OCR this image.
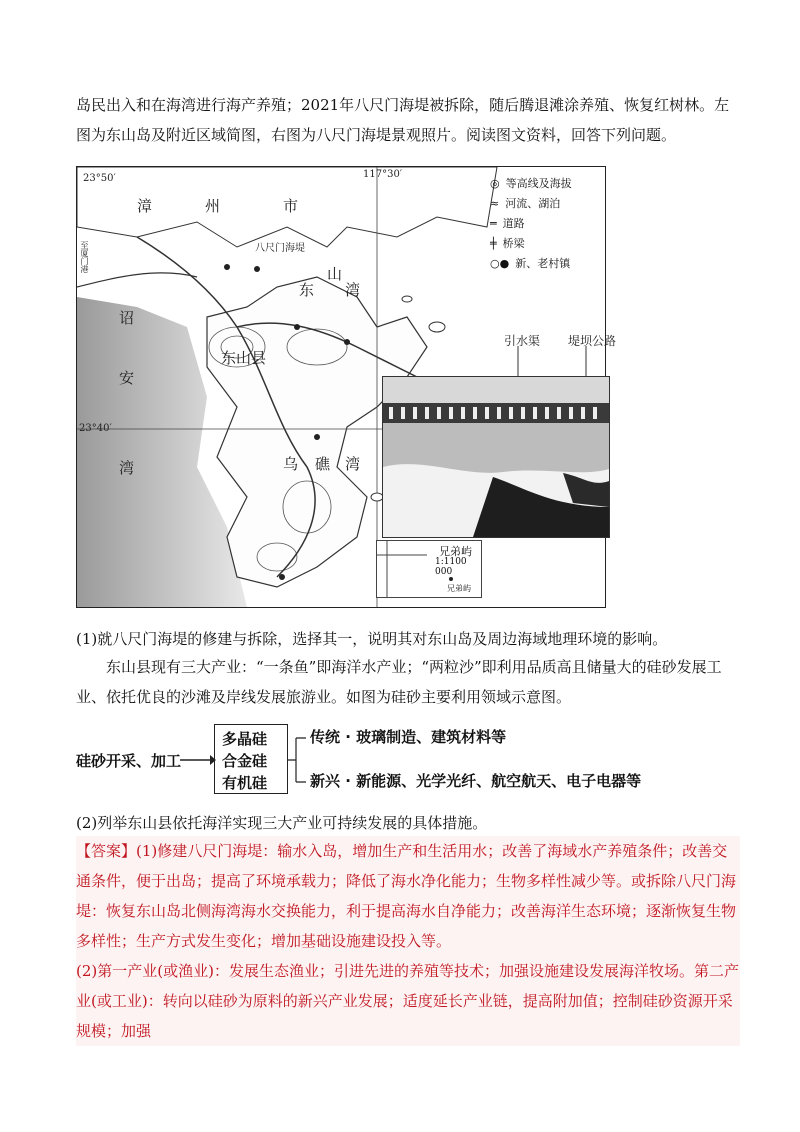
岛民出入和在海湾进行海产养殖；2021年八尺门海堤被拆除，随后腾退滩涂养殖、恢复红树林。左图为东山岛及附近区域简图，右图为八尺门海堤景观照片。阅读图文资料，回答下列问题。

23°50′
23°40′
117°30′
漳	州	市
八尺门海堤
东
山
湾
诏
安
湾
东山县
乌 礁 湾
至厦门港
◎ 等高线及海拔
≈ 河流、湖泊
═ 道路
╪ 桥梁
○● 新、老村镇
引水渠 堤坝公路
兄弟屿
1:1100 000
兄弟屿

(1)就八尺门海堤的修建与拆除，选择其一，说明其对东山岛及周边海域地理环境的影响。

东山县现有三大产业：“一条鱼”即海洋水产业；“两粒沙”即利用品质高且储量大的硅砂发展工业、依托优良的沙滩及岸线发展旅游业。如图为硅砂主要利用领域示意图。

硅砂开采、加工
多晶硅
合金硅
有机硅
传统 · 玻璃制造、建筑材料等
新兴 · 新能源、光学光纤、航空航天、电子电器等

(2)列举东山县依托海洋实现三大产业可持续发展的具体措施。

【答案】(1)修建八尺门海堤：输水入岛，增加生产和生活用水；改善了海域水产养殖条件；改善交通条件，便于出岛；提高了环境承载力；降低了海水净化能力；生物多样性减少等。或拆除八尺门海堤：恢复东山岛北侧海湾海水交换能力，利于提高海水自净能力；改善海洋生态环境；逐渐恢复生物多样性；生产方式发生变化；增加基础设施建设投入等。

(2)第一产业(或渔业)：发展生态渔业；引进先进的养殖等技术；加强设施建设发展海洋牧场。第二产业(或工业)：转向以硅砂为原料的新兴产业发展；适度延长产业链，提高附加值；控制硅砂资源开采规模；加强
